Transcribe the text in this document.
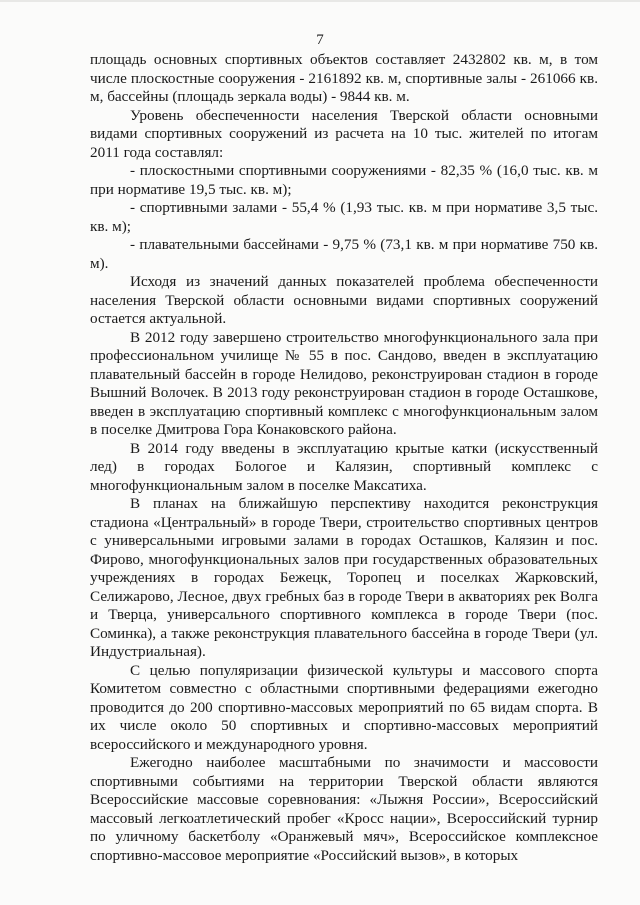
7

площадь основных спортивных объектов составляет 2432802 кв. м, в том числе плоскостные сооружения - 2161892 кв. м, спортивные залы - 261066 кв. м, бассейны (площадь зеркала воды) - 9844 кв. м.

Уровень обеспеченности населения Тверской области основными видами спортивных сооружений из расчета на 10 тыс. жителей по итогам 2011 года составлял:

- плоскостными спортивными сооружениями - 82,35 % (16,0 тыс. кв. м при нормативе 19,5 тыс. кв. м);

- спортивными залами - 55,4 % (1,93 тыс. кв. м при нормативе 3,5 тыс. кв. м);

- плавательными бассейнами - 9,75 % (73,1 кв. м при нормативе 750 кв. м).

Исходя из значений данных показателей проблема обеспеченности населения Тверской области основными видами спортивных сооружений остается актуальной.

В 2012 году завершено строительство многофункционального зала при профессиональном училище № 55 в пос. Сандово, введен в эксплуатацию плавательный бассейн в городе Нелидово, реконструирован стадион в городе Вышний Волочек. В 2013 году реконструирован стадион в городе Осташкове, введен в эксплуатацию спортивный комплекс с многофункциональным залом в поселке Дмитрова Гора Конаковского района.

В 2014 году введены в эксплуатацию крытые катки (искусственный лед) в городах Бологое и Калязин, спортивный комплекс с многофункциональным залом в поселке Максатиха.

В планах на ближайшую перспективу находится реконструкция стадиона «Центральный» в городе Твери, строительство спортивных центров с универсальными игровыми залами в городах Осташков, Калязин и пос. Фирово, многофункциональных залов при государственных образовательных учреждениях в городах Бежецк, Торопец и поселках Жарковский, Селижарово, Лесное, двух гребных баз в городе Твери в акваториях рек Волга и Тверца, универсального спортивного комплекса в городе Твери (пос. Соминка), а также реконструкция плавательного бассейна в городе Твери (ул. Индустриальная).

С целью популяризации физической культуры и массового спорта Комитетом совместно с областными спортивными федерациями ежегодно проводится до 200 спортивно-массовых мероприятий по 65 видам спорта. В их числе около 50 спортивных и спортивно-массовых мероприятий всероссийского и международного уровня.

Ежегодно наиболее масштабными по значимости и массовости спортивными событиями на территории Тверской области являются Всероссийские массовые соревнования: «Лыжня России», Всероссийский массовый легкоатлетический пробег «Кросс нации», Всероссийский турнир по уличному баскетболу «Оранжевый мяч», Всероссийское комплексное спортивно-массовое мероприятие «Российский вызов», в которых
